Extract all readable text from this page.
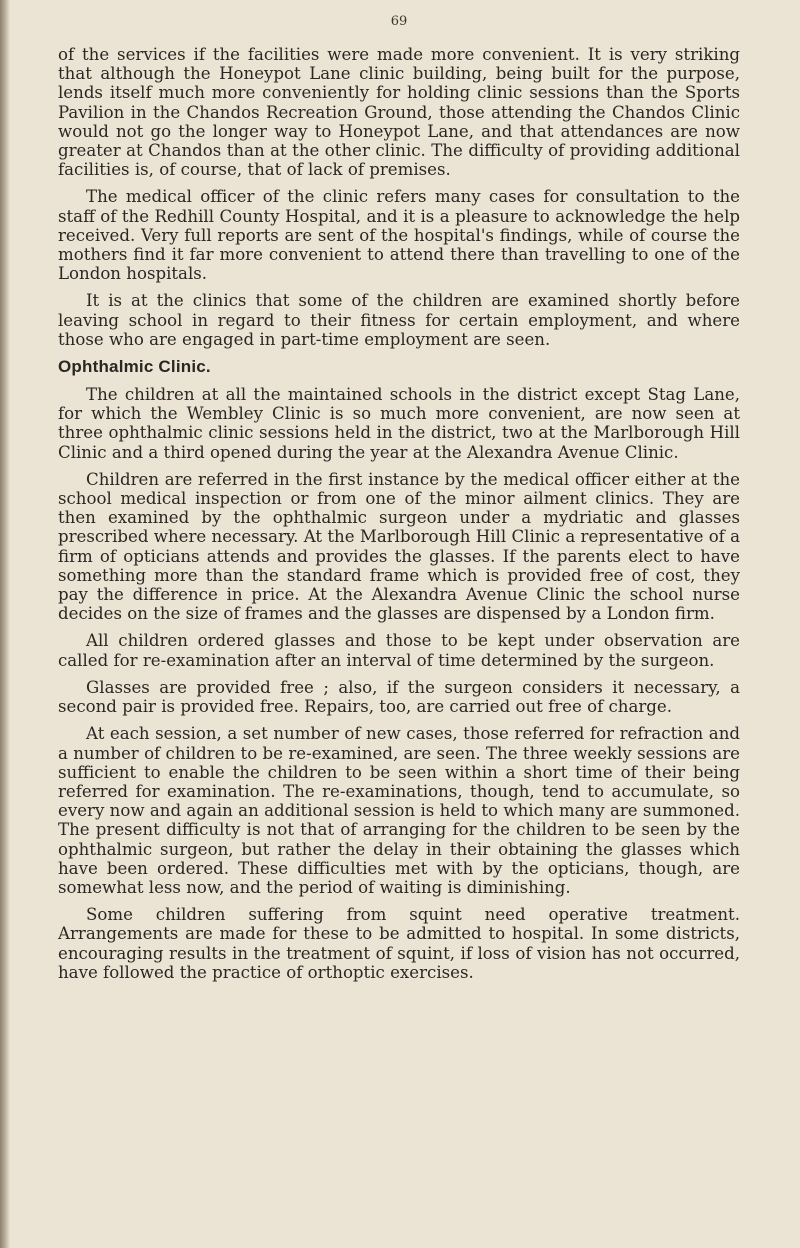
69

of the services if the facilities were made more convenient. It is very striking that although the Honeypot Lane clinic building, being built for the purpose, lends itself much more conveniently for holding clinic sessions than the Sports Pavilion in the Chandos Recreation Ground, those attending the Chandos Clinic would not go the longer way to Honeypot Lane, and that attendances are now greater at Chandos than at the other clinic. The difficulty of providing additional facilities is, of course, that of lack of premises.

The medical officer of the clinic refers many cases for consultation to the staff of the Redhill County Hospital, and it is a pleasure to acknowledge the help received. Very full reports are sent of the hospital's findings, while of course the mothers find it far more convenient to attend there than travelling to one of the London hospitals.

It is at the clinics that some of the children are examined shortly before leaving school in regard to their fitness for certain employment, and where those who are engaged in part-time employment are seen.

Ophthalmic Clinic.

The children at all the maintained schools in the district except Stag Lane, for which the Wembley Clinic is so much more convenient, are now seen at three ophthalmic clinic sessions held in the district, two at the Marlborough Hill Clinic and a third opened during the year at the Alexandra Avenue Clinic.

Children are referred in the first instance by the medical officer either at the school medical inspection or from one of the minor ailment clinics. They are then examined by the ophthalmic surgeon under a mydriatic and glasses prescribed where necessary. At the Marlborough Hill Clinic a representative of a firm of opticians attends and provides the glasses. If the parents elect to have something more than the standard frame which is provided free of cost, they pay the difference in price. At the Alexandra Avenue Clinic the school nurse decides on the size of frames and the glasses are dispensed by a London firm.

All children ordered glasses and those to be kept under observation are called for re-examination after an interval of time determined by the surgeon.

Glasses are provided free ; also, if the surgeon considers it necessary, a second pair is provided free. Repairs, too, are carried out free of charge.

At each session, a set number of new cases, those referred for refraction and a number of children to be re-examined, are seen. The three weekly sessions are sufficient to enable the children to be seen within a short time of their being referred for examination. The re-examinations, though, tend to accumulate, so every now and again an additional session is held to which many are summoned. The present difficulty is not that of arranging for the children to be seen by the ophthalmic surgeon, but rather the delay in their obtaining the glasses which have been ordered. These difficulties met with by the opticians, though, are somewhat less now, and the period of waiting is diminishing.

Some children suffering from squint need operative treatment. Arrangements are made for these to be admitted to hospital. In some districts, encouraging results in the treatment of squint, if loss of vision has not occurred, have followed the practice of orthoptic exercises.
